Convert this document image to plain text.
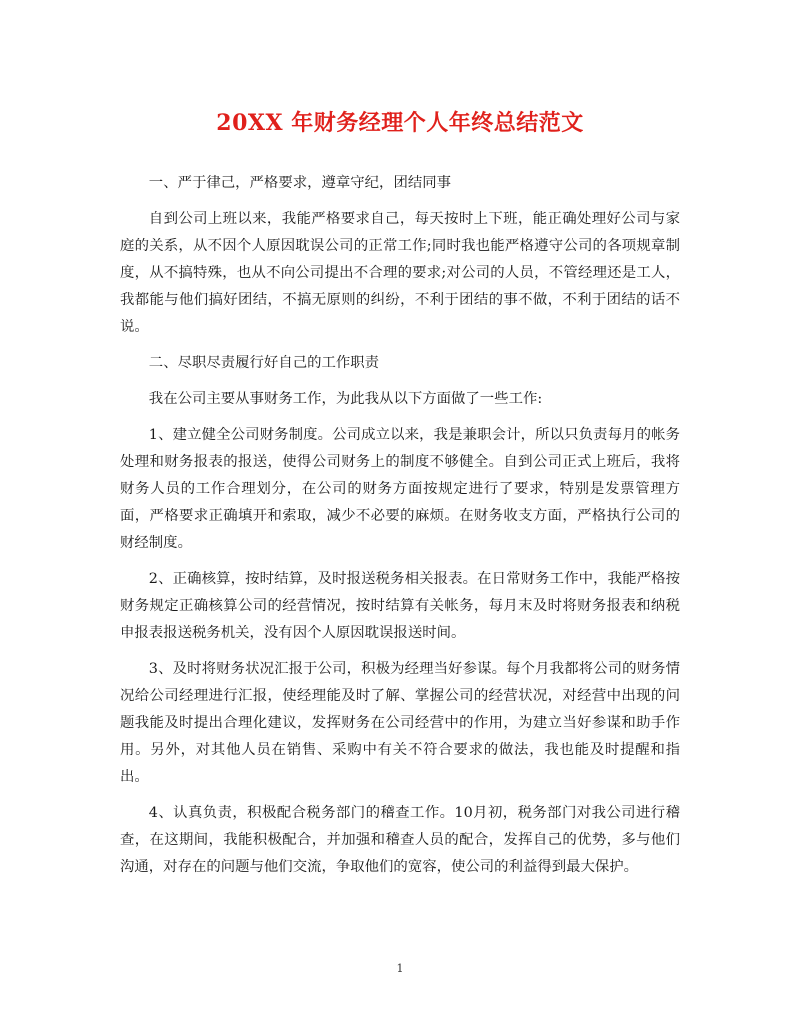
20XX 年财务经理个人年终总结范文

一、严于律己，严格要求，遵章守纪，团结同事

自到公司上班以来，我能严格要求自己，每天按时上下班，能正确处理好公司与家庭的关系，从不因个人原因耽误公司的正常工作;同时我也能严格遵守公司的各项规章制度，从不搞特殊，也从不向公司提出不合理的要求;对公司的人员，不管经理还是工人，我都能与他们搞好团结，不搞无原则的纠纷，不利于团结的事不做，不利于团结的话不说。

二、尽职尽责履行好自己的工作职责

我在公司主要从事财务工作，为此我从以下方面做了一些工作:

1、建立健全公司财务制度。公司成立以来，我是兼职会计，所以只负责每月的帐务处理和财务报表的报送，使得公司财务上的制度不够健全。自到公司正式上班后，我将财务人员的工作合理划分，在公司的财务方面按规定进行了要求，特别是发票管理方面，严格要求正确填开和索取，减少不必要的麻烦。在财务收支方面，严格执行公司的财经制度。

2、正确核算，按时结算，及时报送税务相关报表。在日常财务工作中，我能严格按财务规定正确核算公司的经营情况，按时结算有关帐务，每月末及时将财务报表和纳税申报表报送税务机关，没有因个人原因耽误报送时间。

3、及时将财务状况汇报于公司，积极为经理当好参谋。每个月我都将公司的财务情况给公司经理进行汇报，使经理能及时了解、掌握公司的经营状况，对经营中出现的问题我能及时提出合理化建议，发挥财务在公司经营中的作用，为建立当好参谋和助手作用。另外，对其他人员在销售、采购中有关不符合要求的做法，我也能及时提醒和指出。

4、认真负责，积极配合税务部门的稽查工作。10月初，税务部门对我公司进行稽查，在这期间，我能积极配合，并加强和稽查人员的配合，发挥自己的优势，多与他们沟通，对存在的问题与他们交流，争取他们的宽容，使公司的利益得到最大保护。

1
